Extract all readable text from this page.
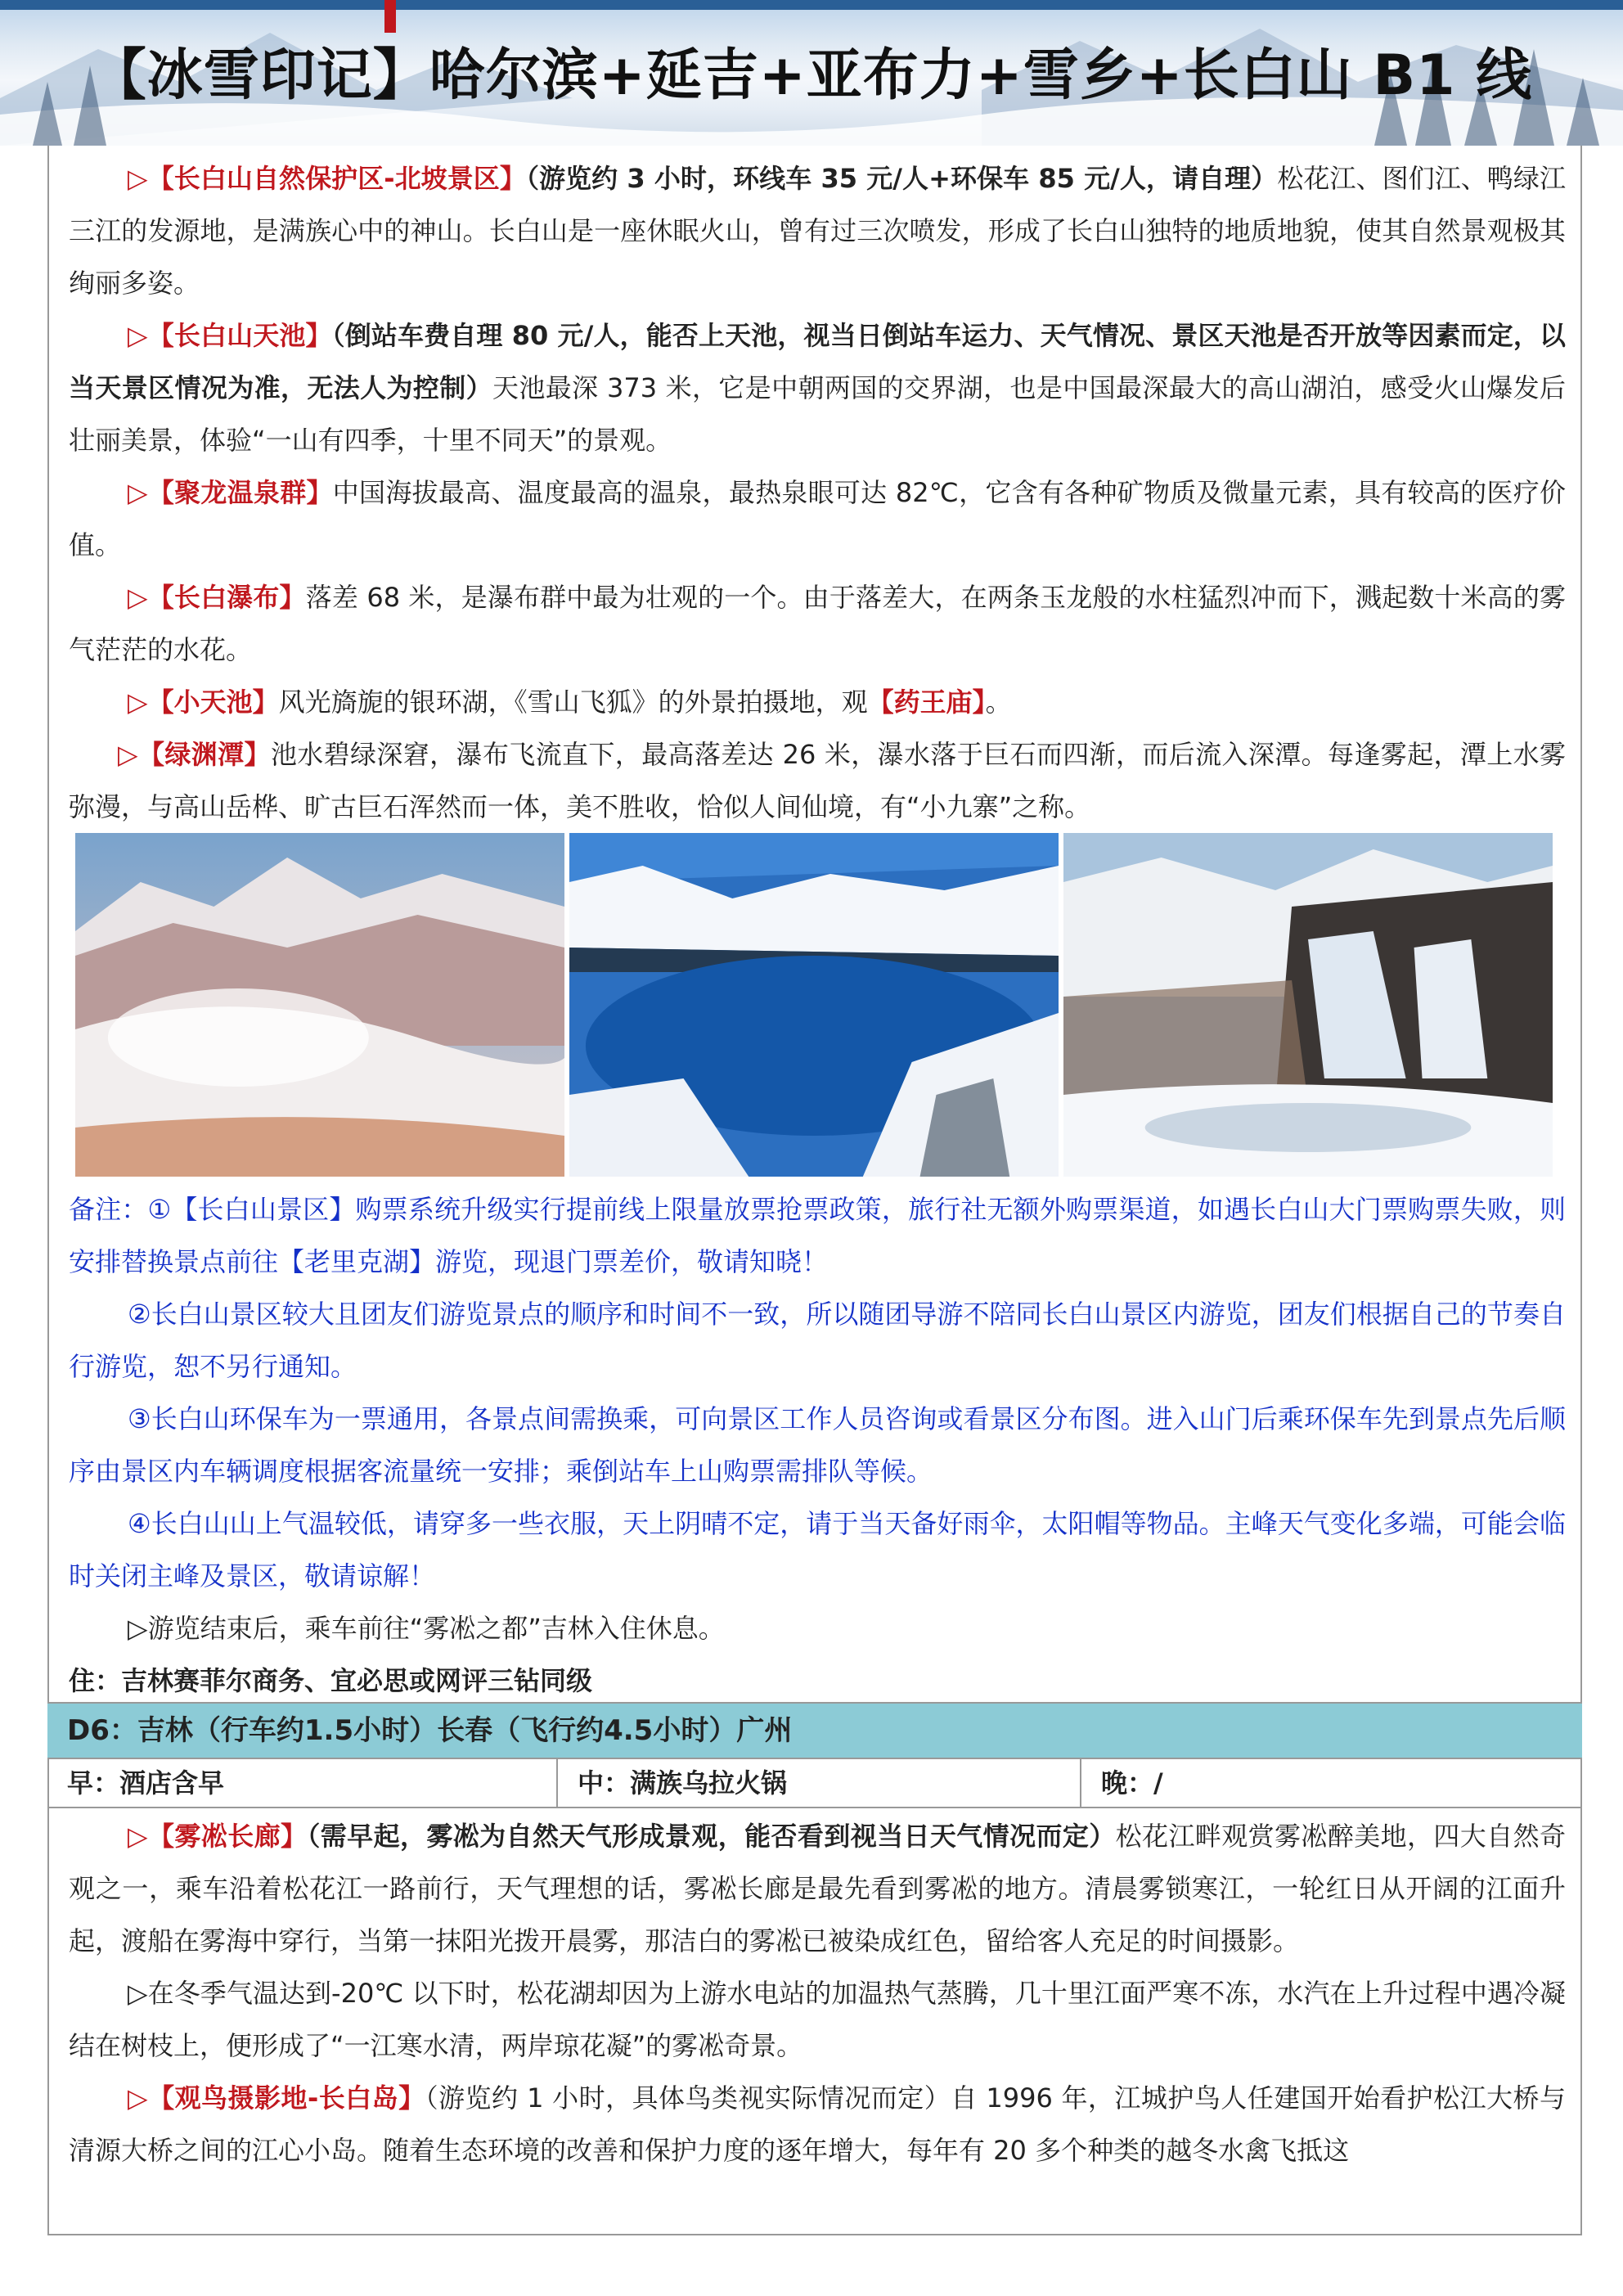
【冰雪印记】哈尔滨+延吉+亚布力+雪乡+长白山 B1 线

▷【长白山自然保护区-北坡景区】（游览约 3 小时，环线车 35 元/人+环保车 85 元/人，请自理）松花江、图们江、鸭绿江三江的发源地，是满族心中的神山。长白山是一座休眠火山，曾有过三次喷发，形成了长白山独特的地质地貌，使其自然景观极其绚丽多姿。

▷【长白山天池】（倒站车费自理 80 元/人，能否上天池，视当日倒站车运力、天气情况、景区天池是否开放等因素而定，以当天景区情况为准，无法人为控制）天池最深 373 米，它是中朝两国的交界湖，也是中国最深最大的高山湖泊，感受火山爆发后壮丽美景，体验“一山有四季，十里不同天”的景观。

▷【聚龙温泉群】中国海拔最高、温度最高的温泉，最热泉眼可达 82℃，它含有各种矿物质及微量元素，具有较高的医疗价值。

▷【长白瀑布】落差 68 米，是瀑布群中最为壮观的一个。由于落差大，在两条玉龙般的水柱猛烈冲而下，溅起数十米高的雾气茫茫的水花。

▷【小天池】风光旖旎的银环湖，《雪山飞狐》的外景拍摄地，观【药王庙】。

▷【绿渊潭】池水碧绿深窘，瀑布飞流直下，最高落差达 26 米，瀑水落于巨石而四渐，而后流入深潭。每逢雾起，潭上水雾弥漫，与高山岳桦、旷古巨石浑然而一体，美不胜收，恰似人间仙境，有“小九寨”之称。

备注：①【长白山景区】购票系统升级实行提前线上限量放票抢票政策，旅行社无额外购票渠道，如遇长白山大门票购票失败，则安排替换景点前往【老里克湖】游览，现退门票差价，敬请知晓！

②长白山景区较大且团友们游览景点的顺序和时间不一致，所以随团导游不陪同长白山景区内游览，团友们根据自己的节奏自行游览，恕不另行通知。

③长白山环保车为一票通用，各景点间需换乘，可向景区工作人员咨询或看景区分布图。进入山门后乘环保车先到景点先后顺序由景区内车辆调度根据客流量统一安排；乘倒站车上山购票需排队等候。

④长白山山上气温较低，请穿多一些衣服，天上阴晴不定，请于当天备好雨伞，太阳帽等物品。主峰天气变化多端，可能会临时关闭主峰及景区，敬请谅解！

▷游览结束后，乘车前往“雾凇之都”吉林入住休息。

住：吉林赛菲尔商务、宜必思或网评三钻同级

D6：吉林（行车约1.5小时）长春（飞行约4.5小时）广州
早：酒店含早	中：满族乌拉火锅	晚：/

▷【雾凇长廊】（需早起，雾凇为自然天气形成景观，能否看到视当日天气情况而定）松花江畔观赏雾凇醉美地，四大自然奇观之一，乘车沿着松花江一路前行，天气理想的话，雾凇长廊是最先看到雾凇的地方。清晨雾锁寒江，一轮红日从开阔的江面升起，渡船在雾海中穿行，当第一抹阳光拨开晨雾，那洁白的雾凇已被染成红色，留给客人充足的时间摄影。

▷在冬季气温达到-20℃ 以下时，松花湖却因为上游水电站的加温热气蒸腾，几十里江面严寒不冻，水汽在上升过程中遇冷凝结在树枝上，便形成了“一江寒水清，两岸琼花凝”的雾凇奇景。

▷【观鸟摄影地-长白岛】（游览约 1 小时，具体鸟类视实际情况而定）自 1996 年，江城护鸟人任建国开始看护松江大桥与清源大桥之间的江心小岛。随着生态环境的改善和保护力度的逐年增大，每年有 20 多个种类的越冬水禽飞抵这
